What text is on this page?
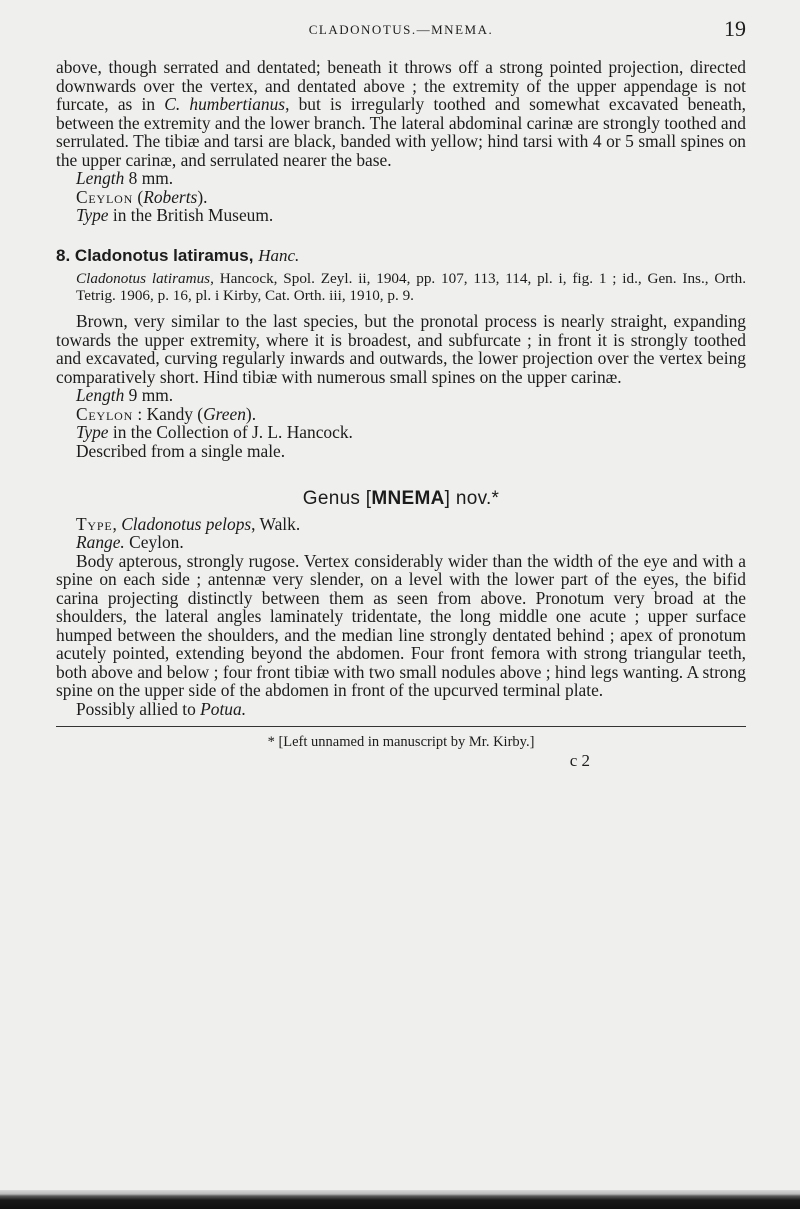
CLADONOTUS.—MNEMA.	19

above, though serrated and dentated; beneath it throws off a strong pointed projection, directed downwards over the vertex, and dentated above ; the extremity of the upper appendage is not furcate, as in C. humbertianus, but is irregularly toothed and somewhat excavated beneath, between the extremity and the lower branch. The lateral abdominal carinæ are strongly toothed and serrulated. The tibiæ and tarsi are black, banded with yellow; hind tarsi with 4 or 5 small spines on the upper carinæ, and serrulated nearer the base.

Length 8 mm.

Ceylon (Roberts).

Type in the British Museum.

8. Cladonotus latiramus, Hanc.

Cladonotus latiramus, Hancock, Spol. Zeyl. ii, 1904, pp. 107, 113, 114, pl. i, fig. 1 ; id., Gen. Ins., Orth. Tetrig. 1906, p. 16, pl. i Kirby, Cat. Orth. iii, 1910, p. 9.

Brown, very similar to the last species, but the pronotal process is nearly straight, expanding towards the upper extremity, where it is broadest, and subfurcate ; in front it is strongly toothed and excavated, curving regularly inwards and outwards, the lower projection over the vertex being comparatively short. Hind tibiæ with numerous small spines on the upper carinæ.

Length 9 mm.

Ceylon : Kandy (Green).

Type in the Collection of J. L. Hancock.

Described from a single male.

Genus [MNEMA] nov.*

Type, Cladonotus pelops, Walk.

Range. Ceylon.

Body apterous, strongly rugose. Vertex considerably wider than the width of the eye and with a spine on each side ; antennæ very slender, on a level with the lower part of the eyes, the bifid carina projecting distinctly between them as seen from above. Pronotum very broad at the shoulders, the lateral angles laminately tridentate, the long middle one acute ; upper surface humped between the shoulders, and the median line strongly dentated behind ; apex of pronotum acutely pointed, extending beyond the abdomen. Four front femora with strong triangular teeth, both above and below ; four front tibiæ with two small nodules above ; hind legs wanting. A strong spine on the upper side of the abdomen in front of the upcurved terminal plate.

Possibly allied to Potua.

* [Left unnamed in manuscript by Mr. Kirby.]

c 2
